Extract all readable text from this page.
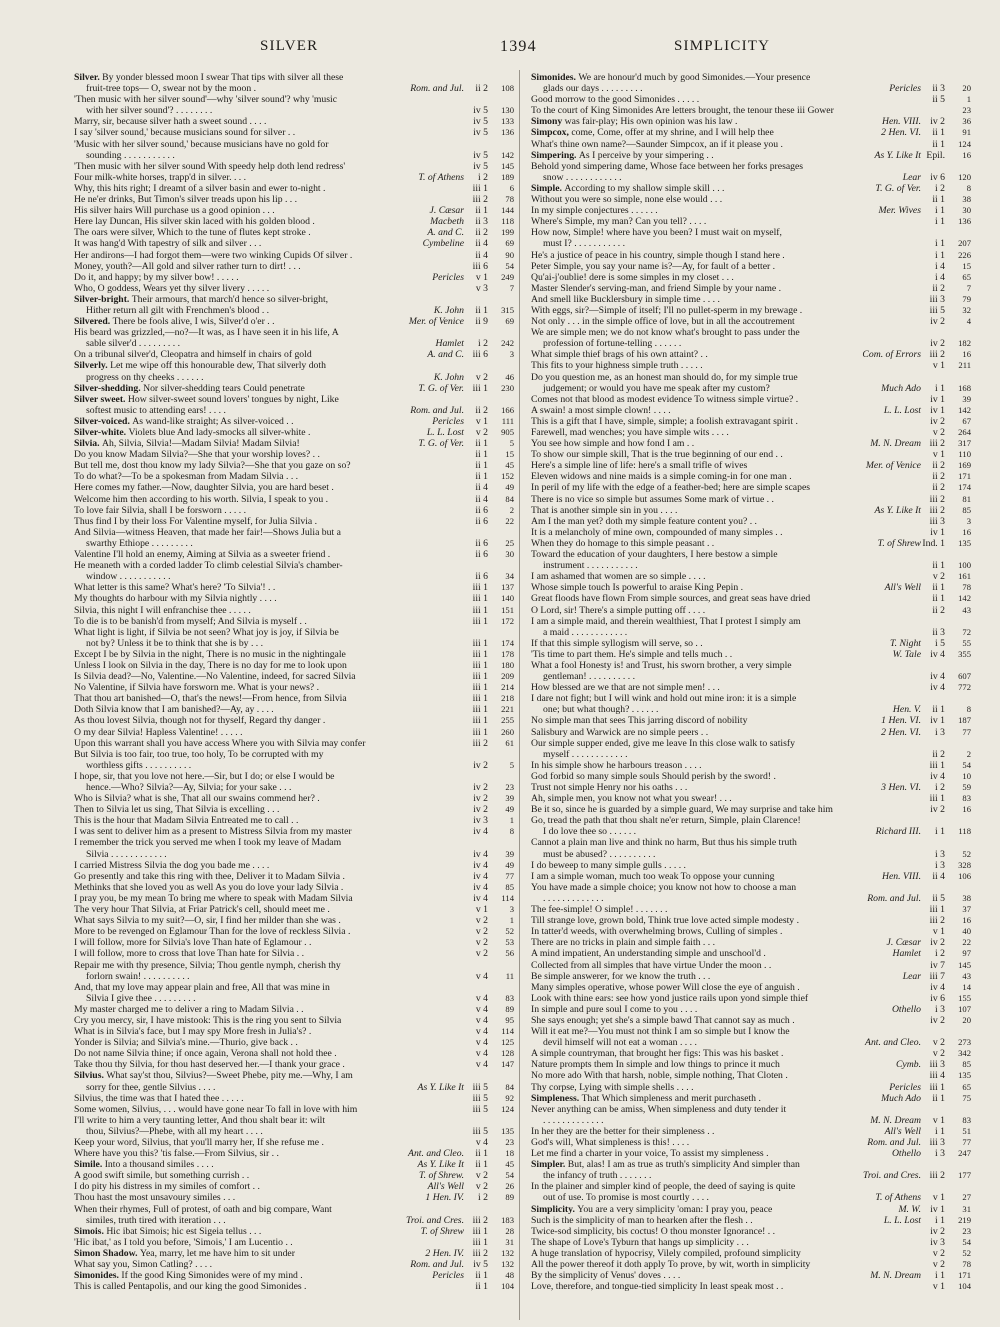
SILVER	1394	SIMPLICITY
Silver. By yonder blessed moon I swear That tips with silver all these
fruit-tree tops— O, swear not by the moon .	Rom. and Jul.	ii 2	108
'Then music with her silver sound'—why 'silver sound'? why 'music
with her silver sound'? . . . . . . . .	iv 5	130
Marry, sir, because silver hath a sweet sound . . . .	iv 5	133
I say 'silver sound,' because musicians sound for silver . .	iv 5	136
'Music with her silver sound,' because musicians have no gold for
sounding . . . . . . . . . . .	iv 5	142
'Then music with her silver sound With speedy help doth lend redress'	iv 5	145
Four milk-white horses, trapp'd in silver. . . .	T. of Athens	i 2	189
Why, this hits right; I dreamt of a silver basin and ewer to-night .	iii 1	6
He ne'er drinks, But Timon's silver treads upon his lip . . .	iii 2	78
His silver hairs Will purchase us a good opinion . . .	J. Cæsar	ii 1	144
Here lay Duncan, His silver skin laced with his golden blood .	Macbeth	ii 3	118
The oars were silver, Which to the tune of flutes kept stroke .	A. and C.	ii 2	199
It was hang'd With tapestry of silk and silver . . .	Cymbeline	ii 4	69
Her andirons—I had forgot them—were two winking Cupids Of silver .	ii 4	90
Money, youth?—All gold and silver rather turn to dirt! . . .	iii 6	54
Do it, and happy; by my silver bow! . . . . .	Pericles	v 1	249
Who, O goddess, Wears yet thy silver livery . . . . .	v 3	7
Silver-bright. Their armours, that march'd hence so silver-bright,
Hither return all gilt with Frenchmen's blood . .	K. John	ii 1	315
Silvered. There be fools alive, I wis, Silver'd o'er . .	Mer. of Venice	ii 9	69
His beard was grizzled,—no?—It was, as I have seen it in his life, A
sable silver'd . . . . . . . . .	Hamlet	i 2	242
On a tribunal silver'd, Cleopatra and himself in chairs of gold	A. and C. iii 6	3
Silverly. Let me wipe off this honourable dew, That silverly doth
progress on thy cheeks . . . . . .	K. John	v 2	46
Silver-shedding. Nor silver-shedding tears Could penetrate	T. G. of Ver. iii 1	230
Silver sweet. How silver-sweet sound lovers' tongues by night, Like
softest music to attending ears! . . . .	Rom. and Jul.	ii 2	166
Silver-voiced. As wand-like straight; As silver-voiced . .	Pericles	v 1	111
Silver-white. Violets blue And lady-smocks all silver-white .	L. L. Lost	v 2	905
Silvia. Ah, Silvia, Silvia!—Madam Silvia! Madam Silvia!	T. G. of Ver.	ii 1	5
Do you know Madam Silvia?—She that your worship loves? . .	ii 1	15
But tell me, dost thou know my lady Silvia?—She that you gaze on so?	ii 1	45
To do what?—To be a spokesman from Madam Silvia . . .	ii 1	152
Here comes my father.—Now, daughter Silvia, you are hard beset .	ii 4	49
Welcome him then according to his worth. Silvia, I speak to you .	ii 4	84
To love fair Silvia, shall I be forsworn . . . . .	ii 6	2
Thus find I by their loss For Valentine myself, for Julia Silvia .	ii 6	22
And Silvia—witness Heaven, that made her fair!—Shows Julia but a
swarthy Ethiope . . . . . . . . .	ii 6	25
Valentine I'll hold an enemy, Aiming at Silvia as a sweeter friend .	ii 6	30
He meaneth with a corded ladder To climb celestial Silvia's chamber-
window . . . . . . . . . . .	ii 6	34
What letter is this same? What's here? 'To Silvia'! . .	iii 1	137
My thoughts do harbour with my Silvia nightly . . . .	iii 1	140
Silvia, this night I will enfranchise thee . . . . .	iii 1	151
To die is to be banish'd from myself; And Silvia is myself . .	iii 1	172
What light is light, if Silvia be not seen? What joy is joy, if Silvia be
not by? Unless it be to think that she is by . . .	iii 1	174
Except I be by Silvia in the night, There is no music in the nightingale	iii 1	178
Unless I look on Silvia in the day, There is no day for me to look upon	iii 1	180
Is Silvia dead?—No, Valentine.—No Valentine, indeed, for sacred Silvia	iii 1	209
No Valentine, if Silvia have forsworn me. What is your news? .	iii 1	214
That thou art banished—O, that's the news!—From hence, from Silvia	iii 1	218
Doth Silvia know that I am banished?—Ay, ay . . . .	iii 1	221
As thou lovest Silvia, though not for thyself, Regard thy danger .	iii 1	255
O my dear Silvia! Hapless Valentine! . . . . .	iii 1	260
Upon this warrant shall you have access Where you with Silvia may confer	iii 2	61
But Silvia is too fair, too true, too holy, To be corrupted with my
worthless gifts . . . . . . . . . .	iv 2	5
I hope, sir, that you love not here.—Sir, but I do; or else I would be
hence.—Who? Silvia?—Ay, Silvia; for your sake . . .	iv 2	23
Who is Silvia? what is she, That all our swains commend her? .	iv 2	39
Then to Silvia let us sing, That Silvia is excelling . . .	iv 2	49
This is the hour that Madam Silvia Entreated me to call . .	iv 3	1
I was sent to deliver him as a present to Mistress Silvia from my master	iv 4	8
I remember the trick you served me when I took my leave of Madam
Silvia . . . . . . . . . . . .	iv 4	39
I carried Mistress Silvia the dog you bade me . . . .	iv 4	49
Go presently and take this ring with thee, Deliver it to Madam Silvia .	iv 4	77
Methinks that she loved you as well As you do love your lady Silvia .	iv 4	85
I pray you, be my mean To bring me where to speak with Madam Silvia	iv 4	114
The very hour That Silvia, at Friar Patrick's cell, should meet me .	v 1	3
What says Silvia to my suit?—O, sir, I find her milder than she was .	v 2	1
More to be revenged on Eglamour Than for the love of reckless Silvia .	v 2	52
I will follow, more for Silvia's love Than hate of Eglamour . .	v 2	53
I will follow, more to cross that love Than hate for Silvia . .	v 2	56
Repair me with thy presence, Silvia; Thou gentle nymph, cherish thy
forlorn swain! . . . . . . . . . .	v 4	11
And, that my love may appear plain and free, All that was mine in
Silvia I give thee . . . . . . . . .	v 4	83
My master charged me to deliver a ring to Madam Silvia . .	v 4	89
Cry you mercy, sir, I have mistook: This is the ring you sent to Silvia	v 4	95
What is in Silvia's face, but I may spy More fresh in Julia's? .	v 4	114
Yonder is Silvia; and Silvia's mine.—Thurio, give back . .	v 4	125
Do not name Silvia thine; if once again, Verona shall not hold thee .	v 4	128
Take thou thy Silvia, for thou hast deserved her.—I thank your grace .	v 4	147
Silvius. What say'st thou, Silvius?—Sweet Phebe, pity me.—Why, I am
sorry for thee, gentle Silvius . . . .	As Y. Like It iii 5	84
Silvius, the time was that I hated thee . . . . .	iii 5	92
Some women, Silvius, . . . would have gone near To fall in love with him	iii 5	124
I'll write to him a very taunting letter, And thou shalt bear it: wilt
thou, Silvius?—Phebe, with all my heart . . . .	iii 5	135
Keep your word, Silvius, that you'll marry her, If she refuse me .	v 4	23
Where have you this? 'tis false.—From Silvius, sir . .	Ant. and Cleo.	ii 1	18
Simile. Into a thousand similes . . . .	As Y. Like It	ii 1	45
A good swift simile, but something currish . .	T. of Shrew.	v 2	54
I do pity his distress in my similes of comfort . .	All's Well	v 2	26
Thou hast the most unsavoury similes . . .	1 Hen. IV.	i 2	89
When their rhymes, Full of protest, of oath and big compare, Want
similes, truth tired with iteration . . .	Troi. and Cres. iii 2	183
Simois. Hic ibat Simois; hic est Sigeia tellus . . .	T. of Shrew iii 1	28
'Hic ibat,' as I told you before, 'Simois,' I am Lucentio . .	iii 1	31
Simon Shadow. Yea, marry, let me have him to sit under	2 Hen. IV. iii 2	132
What say you, Simon Catling? . . . .	Rom. and Jul. iv 5	132
Simonides. If the good King Simonides were of my mind .	Pericles	ii 1	48
This is called Pentapolis, and our king the good Simonides .	ii 1	104
Simonides. We are honour'd much by good Simonides.—Your presence
glads our days . . . . . . . . .	Pericles	ii 3	20
Good morrow to the good Simonides . . . . .	ii 5	1
To the court of King Simonides Are letters brought, the tenour these iii Gower	23
Simony was fair-play; His own opinion was his law .	Hen. VIII. iv 2	36
Simpcox, come, Come, offer at my shrine, and I will help thee	2 Hen. VI.	ii 1	91
What's thine own name?—Saunder Simpcox, an if it please you .	ii 1	124
Simpering. As I perceive by your simpering . .	As Y. Like It Epil.	16
Behold yond simpering dame, Whose face between her forks presages
snow . . . . . . . . . . . .	Lear iv 6	120
Simple. According to my shallow simple skill . . .	T. G. of Ver.	i 2	8
Without you were so simple, none else would . . .	ii 1	38
In my simple conjectures . . . . . .	Mer. Wives	i 1	30
Where's Simple, my man? Can you tell? . . . .	i 1	136
How now, Simple! where have you been? I must wait on myself,
must I? . . . . . . . . . . .	i 1	207
He's a justice of peace in his country, simple though I stand here .	i 1	226
Peter Simple, you say your name is?—Ay, for fault of a better .	i 4	15
Qu'ai-j'oublie! dere is some simples in my closet . . .	i 4	65
Master Slender's serving-man, and friend Simple by your name .	ii 2	7
And smell like Bucklersbury in simple time . . . .	iii 3	79
With eggs, sir?—Simple of itself; I'll no pullet-sperm in my brewage .	iii 5	32
Not only . . . in the simple office of love, but in all the accoutrement	iv 2	4
We are simple men; we do not know what's brought to pass under the
profession of fortune-telling . . . . . .	iv 2	182
What simple thief brags of his own attaint? . .	Com. of Errors iii 2	16
This fits to your highness simple truth . . . . .	v 1	211
Do you question me, as an honest man should do, for my simple true
judgement; or would you have me speak after my custom?	Much Ado	i 1	168
Comes not that blood as modest evidence To witness simple virtue? .	iv 1	39
A swain! a most simple clown! . . . .	L. L. Lost iv 1	142
This is a gift that I have, simple, simple; a foolish extravagant spirit .	iv 2	67
Farewell, mad wenches; you have simple wits . . . .	v 2	264
You see how simple and how fond I am . .	M. N. Dream iii 2	317
To show our simple skill, That is the true beginning of our end . .	v 1	110
Here's a simple line of life: here's a small trifle of wives	Mer. of Venice	ii 2	169
Eleven widows and nine maids is a simple coming-in for one man .	ii 2	171
In peril of my life with the edge of a feather-bed; here are simple scapes	ii 2	174
There is no vice so simple but assumes Some mark of virtue . .	iii 2	81
That is another simple sin in you . . . .	As Y. Like It iii 2	85
Am I the man yet? doth my simple feature content you? . .	iii 3	3
It is a melancholy of mine own, compounded of many simples . .	iv 1	16
When they do homage to this simple peasant . .	T. of Shrew Ind. 1	135
Toward the education of your daughters, I here bestow a simple
instrument . . . . . . . . . . .	ii 1	100
I am ashamed that women are so simple . . . .	v 2	161
Whose simple touch Is powerful to araise King Pepin .	All's Well	ii 1	78
Great floods have flown From simple sources, and great seas have dried	ii 1	142
O Lord, sir! There's a simple putting off . . . .	ii 2	43
I am a simple maid, and therein wealthiest, That I protest I simply am
a maid . . . . . . . . . . . .	ii 3	72
If that this simple syllogism will serve, so . .	T. Night	i 5	55
'Tis time to part them. He's simple and tells much . .	W. Tale iv 4	355
What a fool Honesty is! and Trust, his sworn brother, a very simple
gentleman! . . . . . . . . . .	iv 4	607
How blessed are we that are not simple men! . . .	iv 4	772
I dare not fight; but I will wink and hold out mine iron: it is a simple
one; but what though? . . . . . .	Hen. V.	ii 1	8
No simple man that sees This jarring discord of nobility	1 Hen. VI. iv 1	187
Salisbury and Warwick are no simple peers . .	2 Hen. VI.	i 3	77
Our simple supper ended, give me leave In this close walk to satisfy
myself . . . . . . . . . . . .	ii 2	2
In his simple show he harbours treason . . . .	iii 1	54
God forbid so many simple souls Should perish by the sword! .	iv 4	10
Trust not simple Henry nor his oaths . . .	3 Hen. VI.	i 2	59
Ah, simple men, you know not what you swear! . . .	iii 1	83
Be it so, since he is guarded by a simple guard, We may surprise and take him	iv 2	16
Go, tread the path that thou shalt ne'er return, Simple, plain Clarence!
I do love thee so . . . . . .	Richard III.	i 1	118
Cannot a plain man live and think no harm, But thus his simple truth
must be abused? . . . . . . . . . .	i 3	52
I do beweep to many simple gulls . . . . .	i 3	328
I am a simple woman, much too weak To oppose your cunning	Hen. VIII.	ii 4	106
You have made a simple choice; you know not how to choose a man
. . . . . . . . . . . . .	Rom. and Jul.	ii 5	38
The fee-simple! O simple! . . . . . . .	iii 1	37
Till strange love, grown bold, Think true love acted simple modesty .	iii 2	16
In tatter'd weeds, with overwhelming brows, Culling of simples .	v 1	40
There are no tricks in plain and simple faith . . .	J. Cæsar iv 2	22
A mind impatient, An understanding simple and unschool'd .	Hamlet	i 2	97
Collected from all simples that have virtue Under the moon . .	iv 7	145
Be simple answerer, for we know the truth . . .	Lear iii 7	43
Many simples operative, whose power Will close the eye of anguish .	iv 4	14
Look with thine ears: see how yond justice rails upon yond simple thief	iv 6	155
In simple and pure soul I come to you . . . .	Othello	i 3	107
She says enough; yet she's a simple bawd That cannot say as much .	iv 2	20
Will it eat me?—You must not think I am so simple but I know the
devil himself will not eat a woman . . . .	Ant. and Cleo.	v 2	273
A simple countryman, that brought her figs: This was his basket .	v 2	342
Nature prompts them In simple and low things to prince it much	Cymb. iii 3	85
No more ado With that harsh, noble, simple nothing, That Cloten .	iii 4	135
Thy corpse, Lying with simple shells . . . .	Pericles iii 1	65
Simpleness. That Which simpleness and merit purchaseth .	Much Ado	ii 1	75
Never anything can be amiss, When simpleness and duty tender it
. . . . . . . . . . . . .	M. N. Dream	v 1	83
In her they are the better for their simpleness . .	All's Well	i 1	51
God's will, What simpleness is this! . . . .	Rom. and Jul. iii 3	77
Let me find a charter in your voice, To assist my simpleness .	Othello	i 3	247
Simpler. But, alas! I am as true as truth's simplicity And simpler than
the infancy of truth . . . . . . .	Troi. and Cres. iii 2	177
In the plainer and simpler kind of people, the deed of saying is quite
out of use. To promise is most courtly . . . .	T. of Athens	v 1	27
Simplicity. You are a very simplicity 'oman: I pray you, peace	M. W. iv 1	31
Such is the simplicity of man to hearken after the flesh . .	L. L. Lost	i 1	219
Twice-sod simplicity, bis coctus! O thou monster Ignorance! . .	iv 2	23
The shape of Love's Tyburn that hangs up simplicity . . .	iv 3	54
A huge translation of hypocrisy, Vilely compiled, profound simplicity	v 2	52
All the power thereof it doth apply To prove, by wit, worth in simplicity	v 2	78
By the simplicity of Venus' doves . . . .	M. N. Dream	i 1	171
Love, therefore, and tongue-tied simplicity In least speak most . .	v 1	104
